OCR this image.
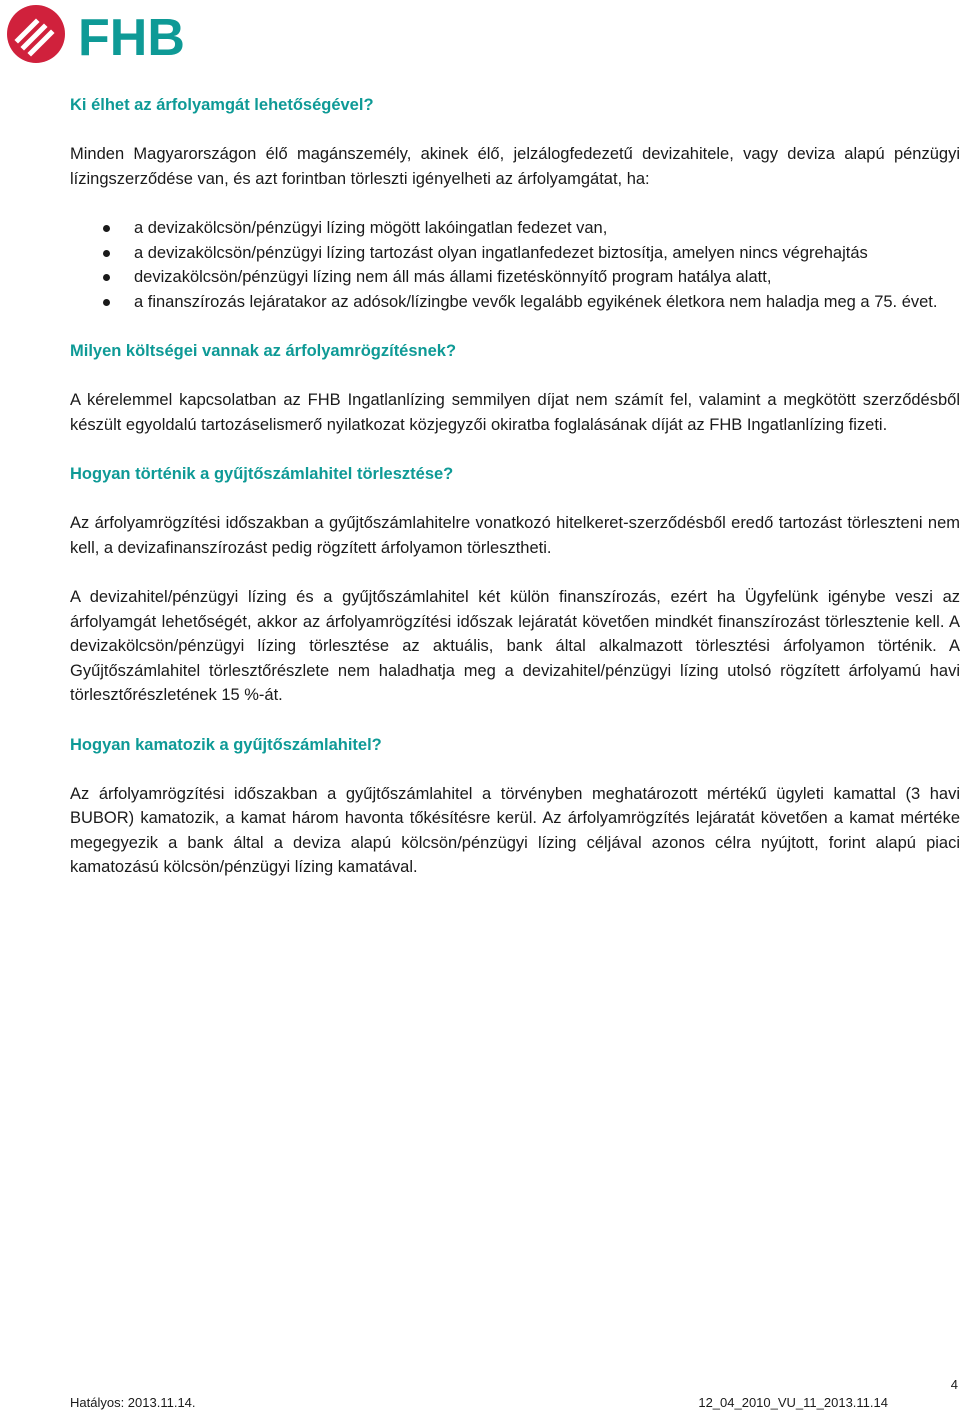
FHB
Ki élhet az árfolyamgát lehetőségével?

Minden Magyarországon élő magánszemély, akinek élő, jelzálogfedezetű devizahitele, vagy deviza alapú pénzügyi lízingszerződése van, és azt forintban törleszti igényelheti az árfolyamgátat, ha:

a devizakölcsön/pénzügyi lízing mögött lakóingatlan fedezet van,
a devizakölcsön/pénzügyi lízing tartozást olyan ingatlanfedezet biztosítja, amelyen nincs végrehajtás
devizakölcsön/pénzügyi lízing nem áll más állami fizetéskönnyítő program hatálya alatt,
a finanszírozás lejáratakor az adósok/lízingbe vevők legalább egyikének életkora nem haladja meg a 75. évet.
Milyen költségei vannak az árfolyamrögzítésnek?

A kérelemmel kapcsolatban az FHB Ingatlanlízing semmilyen díjat nem számít fel, valamint a megkötött szerződésből készült egyoldalú tartozáselismerő nyilatkozat közjegyzői okiratba foglalásának díját az FHB Ingatlanlízing fizeti.

Hogyan történik a gyűjtőszámlahitel törlesztése?

Az árfolyamrögzítési időszakban a gyűjtőszámlahitelre vonatkozó hitelkeret-szerződésből eredő tartozást törleszteni nem kell, a devizafinanszírozást pedig rögzített árfolyamon törlesztheti.

A devizahitel/pénzügyi lízing és a gyűjtőszámlahitel két külön finanszírozás, ezért ha Ügyfelünk igénybe veszi az árfolyamgát lehetőségét, akkor az árfolyamrögzítési időszak lejáratát követően mindkét finanszírozást törlesztenie kell. A devizakölcsön/pénzügyi lízing törlesztése az aktuális, bank által alkalmazott törlesztési árfolyamon történik. A Gyűjtőszámlahitel törlesztőrészlete nem haladhatja meg a devizahitel/pénzügyi lízing utolsó rögzített árfolyamú havi törlesztőrészletének 15 %-át.

Hogyan kamatozik a gyűjtőszámlahitel?

Az árfolyamrögzítési időszakban a gyűjtőszámlahitel a törvényben meghatározott mértékű ügyleti kamattal (3 havi BUBOR) kamatozik, a kamat három havonta tőkésítésre kerül. Az árfolyamrögzítés lejáratát követően a kamat mértéke megegyezik a bank által a deviza alapú kölcsön/pénzügyi lízing céljával azonos célra nyújtott, forint alapú piaci kamatozású kölcsön/pénzügyi lízing kamatával.

4
Hatályos: 2013.11.14.	12_04_2010_VU_11_2013.11.14
